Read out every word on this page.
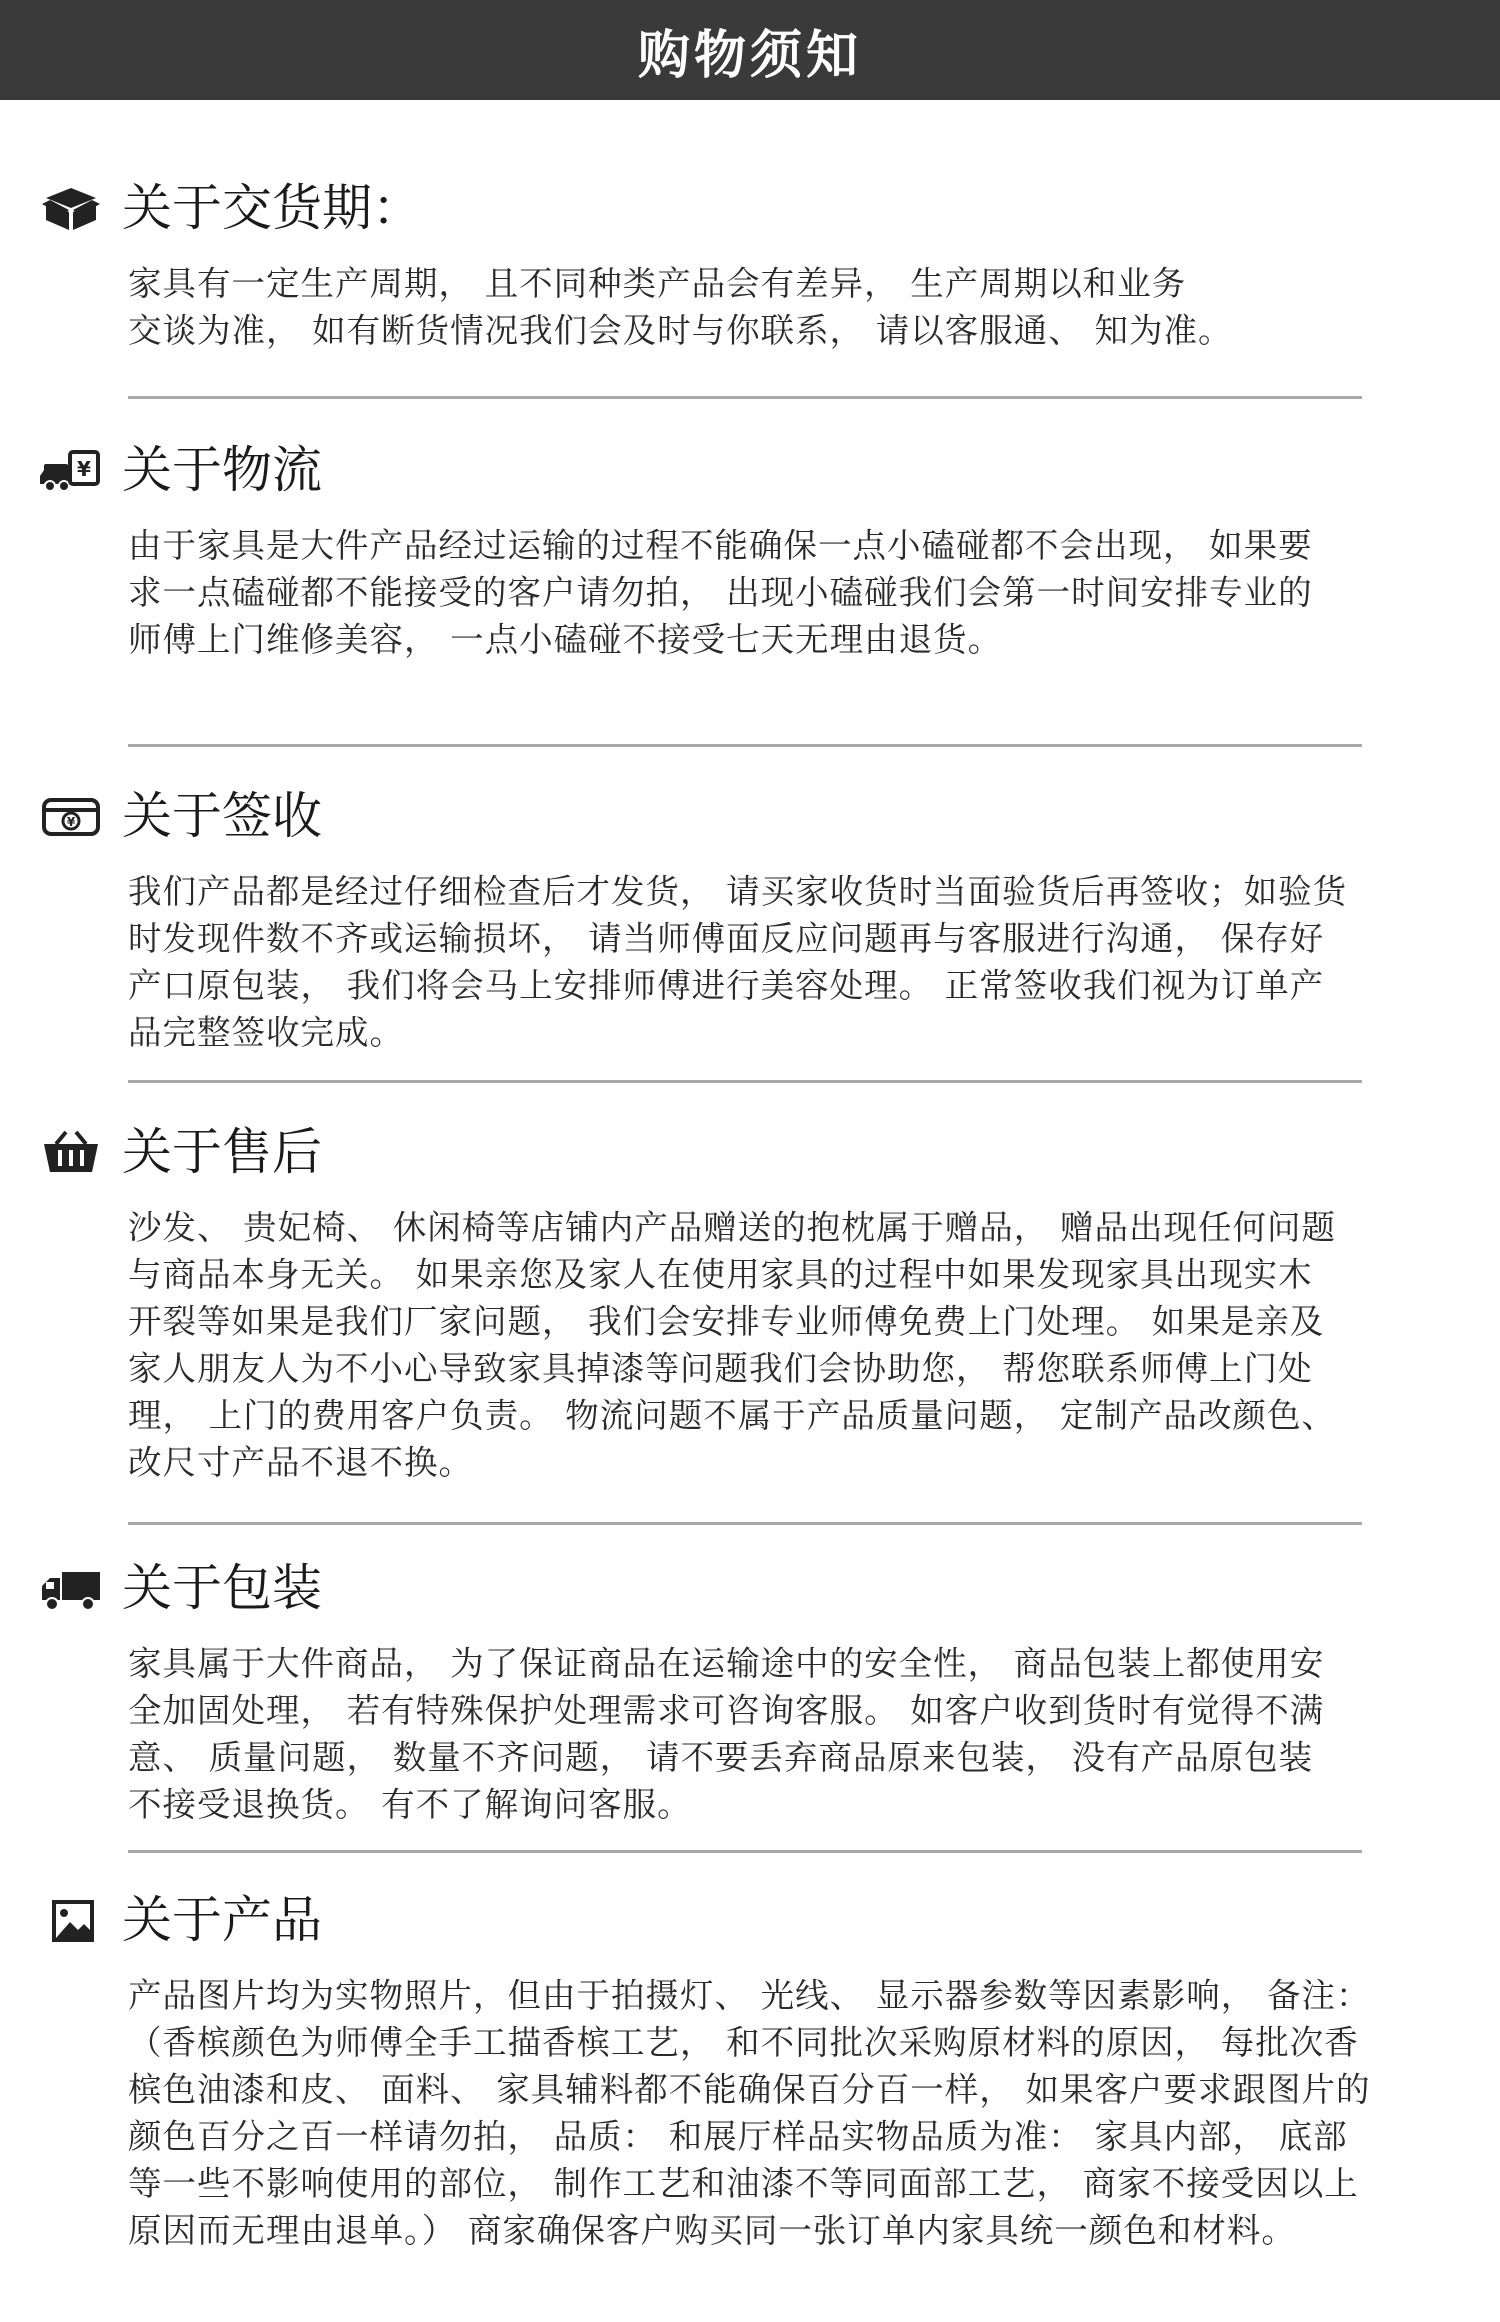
购物须知
关于交货期：
家具有一定生产周期， 且不同种类产品会有差异， 生产周期以和业务
交谈为准， 如有断货情况我们会及时与你联系， 请以客服通、 知为准。
¥ 关于物流
由于家具是大件产品经过运输的过程不能确保一点小磕碰都不会出现， 如果要
求一点磕碰都不能接受的客户请勿拍， 出现小磕碰我们会第一时间安排专业的
师傅上门维修美容， 一点小磕碰不接受七天无理由退货。
¥ 关于签收
我们产品都是经过仔细检查后才发货， 请买家收货时当面验货后再签收；如验货
时发现件数不齐或运输损坏， 请当师傅面反应问题再与客服进行沟通， 保存好
产口原包装， 我们将会马上安排师傅进行美容处理。 正常签收我们视为订单产
品完整签收完成。
关于售后
沙发、 贵妃椅、 休闲椅等店铺内产品赠送的抱枕属于赠品， 赠品出现任何问题
与商品本身无关。 如果亲您及家人在使用家具的过程中如果发现家具出现实木
开裂等如果是我们厂家问题， 我们会安排专业师傅免费上门处理。 如果是亲及
家人朋友人为不小心导致家具掉漆等问题我们会协助您， 帮您联系师傅上门处
理， 上门的费用客户负责。 物流问题不属于产品质量问题， 定制产品改颜色、
改尺寸产品不退不换。
关于包装
家具属于大件商品， 为了保证商品在运输途中的安全性， 商品包装上都使用安
全加固处理， 若有特殊保护处理需求可咨询客服。 如客户收到货时有觉得不满
意、 质量问题， 数量不齐问题， 请不要丢弃商品原来包装， 没有产品原包装
不接受退换货。 有不了解询问客服。
关于产品
产品图片均为实物照片，但由于拍摄灯、 光线、 显示器参数等因素影响， 备注：
（香槟颜色为师傅全手工描香槟工艺， 和不同批次采购原材料的原因， 每批次香
槟色油漆和皮、 面料、 家具辅料都不能确保百分百一样， 如果客户要求跟图片的
颜色百分之百一样请勿拍， 品质： 和展厅样品实物品质为准： 家具内部， 底部
等一些不影响使用的部位， 制作工艺和油漆不等同面部工艺， 商家不接受因以上
原因而无理由退单。） 商家确保客户购买同一张订单内家具统一颜色和材料。
